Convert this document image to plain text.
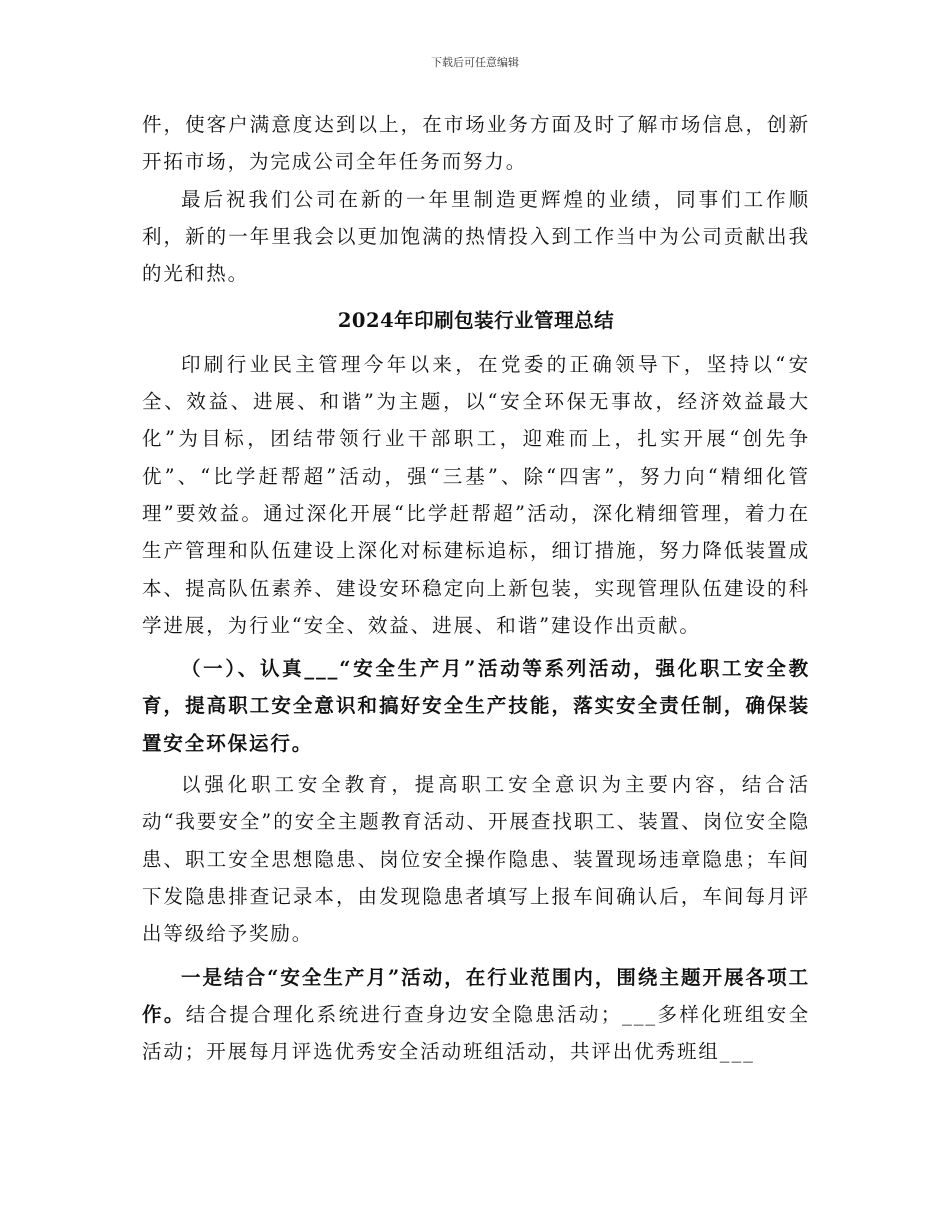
下载后可任意编辑

件，使客户满意度达到以上，在市场业务方面及时了解市场信息，创新开拓市场，为完成公司全年任务而努力。

最后祝我们公司在新的一年里制造更辉煌的业绩，同事们工作顺利，新的一年里我会以更加饱满的热情投入到工作当中为公司贡献出我的光和热。

2024年印刷包装行业管理总结

印刷行业民主管理今年以来，在党委的正确领导下，坚持以“安全、效益、进展、和谐”为主题，以“安全环保无事故，经济效益最大化”为目标，团结带领行业干部职工，迎难而上，扎实开展“创先争优”、“比学赶帮超”活动，强“三基”、除“四害”，努力向“精细化管理”要效益。通过深化开展“比学赶帮超”活动，深化精细管理，着力在生产管理和队伍建设上深化对标建标追标，细订措施，努力降低装置成本、提高队伍素养、建设安环稳定向上新包装，实现管理队伍建设的科学进展，为行业“安全、效益、进展、和谐”建设作出贡献。

（一）、认真___“安全生产月”活动等系列活动，强化职工安全教育，提高职工安全意识和搞好安全生产技能，落实安全责任制，确保装置安全环保运行。

以强化职工安全教育，提高职工安全意识为主要内容，结合活动“我要安全”的安全主题教育活动、开展查找职工、装置、岗位安全隐患、职工安全思想隐患、岗位安全操作隐患、装置现场违章隐患；车间下发隐患排查记录本，由发现隐患者填写上报车间确认后，车间每月评出等级给予奖励。

一是结合“安全生产月”活动，在行业范围内，围绕主题开展各项工作。结合提合理化系统进行查身边安全隐患活动；___多样化班组安全活动；开展每月评选优秀安全活动班组活动，共评出优秀班组___
